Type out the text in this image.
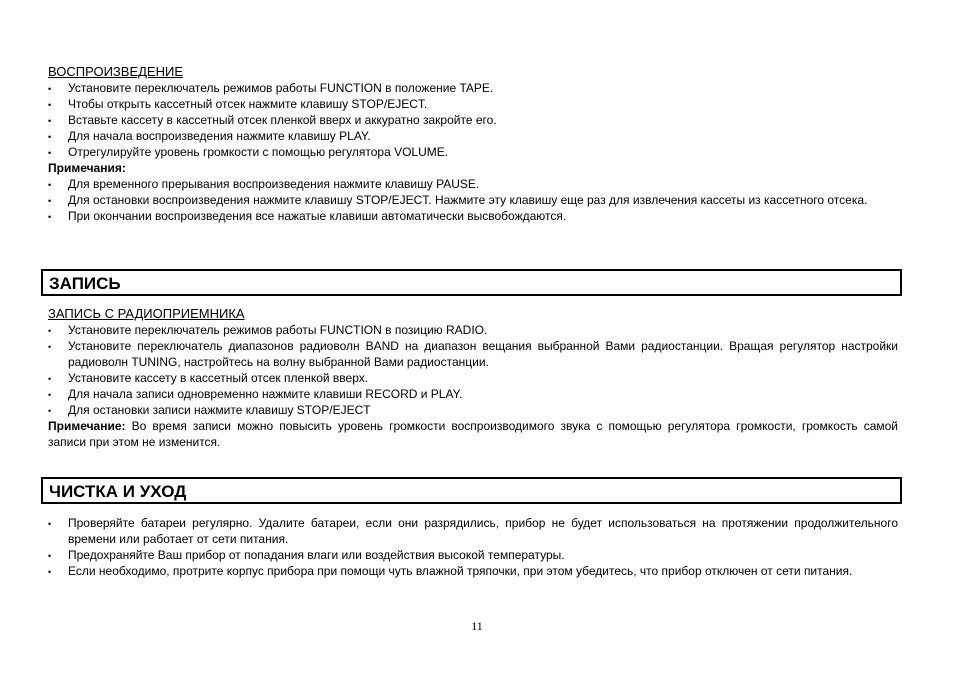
ВОСПРОИЗВЕДЕНИЕ

• Установите переключатель режимов работы FUNCTION в положение TAPE.
• Чтобы открыть кассетный отсек нажмите клавишу STOP/EJECT.
• Вставьте кассету в кассетный отсек пленкой вверх и аккуратно закройте его.
• Для начала воспроизведения нажмите клавишу PLAY.
• Отрегулируйте уровень громкости с помощью регулятора VOLUME.
Примечания:
• Для временного прерывания воспроизведения нажмите клавишу PAUSE.
• Для остановки воспроизведения нажмите клавишу STOP/EJECT. Нажмите эту клавишу еще раз для извлечения кассеты из кассетного отсека.
• При окончании воспроизведения все нажатые клавиши автоматически высвобождаются.
ЗАПИСЬ

ЗАПИСЬ С РАДИОПРИЕМНИКА

• Установите переключатель режимов работы FUNCTION в позицию RADIO.
• Установите переключатель диапазонов радиоволн BAND на диапазон вещания выбранной Вами радиостанции. Вращая регулятор настройки радиоволн TUNING, настройтесь на волну выбранной Вами радиостанции.
• Установите кассету в кассетный отсек пленкой вверх.
• Для начала записи одновременно нажмите клавиши RECORD и PLAY.
• Для остановки записи нажмите клавишу STOP/EJECT
Примечание: Во время записи можно повысить уровень громкости воспроизводимого звука с помощью регулятора громкости, громкость самой записи при этом не изменится.
ЧИСТКА И УХОД
• Проверяйте батареи регулярно. Удалите батареи, если они разрядились, прибор не будет использоваться на протяжении продолжительного времени или работает от сети питания.
• Предохраняйте Ваш прибор от попадания влаги или воздействия высокой температуры.
• Если необходимо, протрите корпус прибора при помощи чуть влажной тряпочки, при этом убедитесь, что прибор отключен от сети питания.
11
